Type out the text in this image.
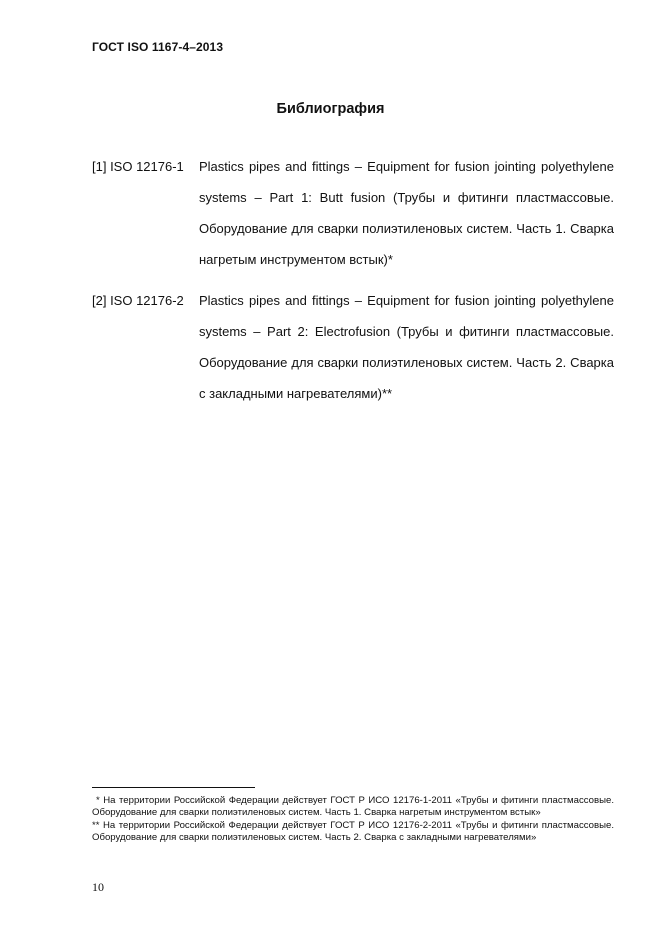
ГОСТ ISO 1167-4–2013
Библиография
[1] ISO 12176-1	Plastics pipes and fittings – Equipment for fusion jointing polyethylene systems – Part 1: Butt fusion (Трубы и фитинги пластмассовые. Оборудование для сварки полиэтиленовых систем. Часть 1. Сварка нагретым инструментом встык)*
[2] ISO 12176-2	Plastics pipes and fittings – Equipment for fusion jointing polyethylene systems – Part 2: Electrofusion (Трубы и фитинги пластмассовые. Оборудование для сварки полиэтиленовых систем. Часть 2. Сварка с закладными нагревателями)**
* На территории Российской Федерации действует ГОСТ Р ИСО 12176-1-2011 «Трубы и фитинги пластмассовые. Оборудование для сварки полиэтиленовых систем. Часть 1. Сварка нагретым инструментом встык»
** На территории Российской Федерации действует ГОСТ Р ИСО 12176-2-2011 «Трубы и фитинги пластмассовые. Оборудование для сварки полиэтиленовых систем. Часть 2. Сварка с закладными нагревателями»
10
